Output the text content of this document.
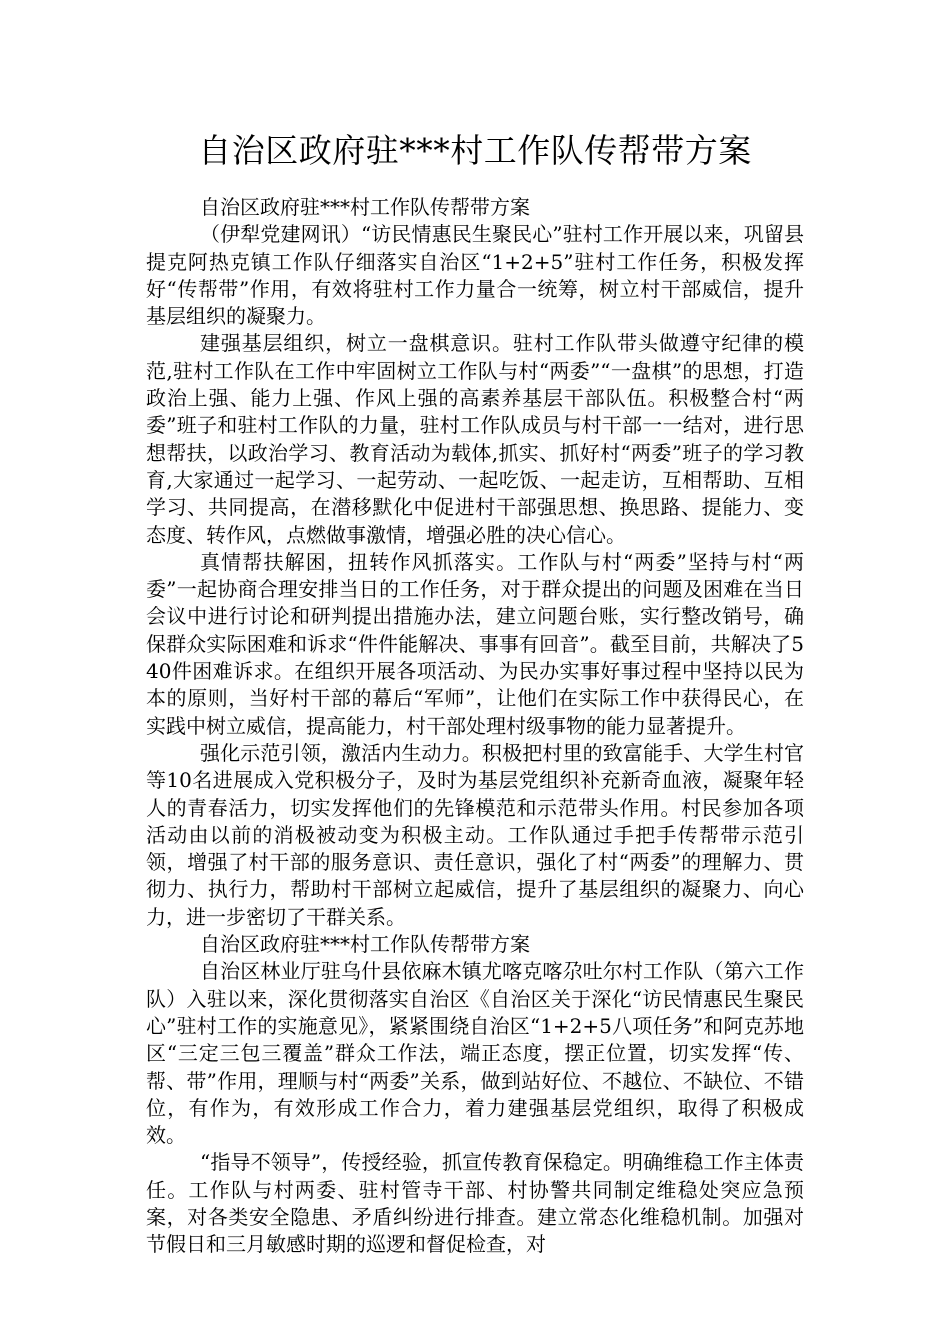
自治区政府驻***村工作队传帮带方案

自治区政府驻***村工作队传帮带方案

（伊犁党建网讯）“访民情惠民生聚民心”驻村工作开展以来，巩留县提克阿热克镇工作队仔细落实自治区“1+2+5”驻村工作任务，积极发挥好“传帮带”作用，有效将驻村工作力量合一统筹，树立村干部威信，提升基层组织的凝聚力。

建强基层组织，树立一盘棋意识。驻村工作队带头做遵守纪律的模范,驻村工作队在工作中牢固树立工作队与村“两委”“一盘棋”的思想，打造政治上强、能力上强、作风上强的高素养基层干部队伍。积极整合村“两委”班子和驻村工作队的力量，驻村工作队成员与村干部一一结对，进行思想帮扶，以政治学习、教育活动为载体,抓实、抓好村“两委”班子的学习教育,大家通过一起学习、一起劳动、一起吃饭、一起走访，互相帮助、互相学习、共同提高，在潜移默化中促进村干部强思想、换思路、提能力、变态度、转作风，点燃做事激情，增强必胜的决心信心。

真情帮扶解困，扭转作风抓落实。工作队与村“两委”坚持与村“两委”一起协商合理安排当日的工作任务，对于群众提出的问题及困难在当日会议中进行讨论和研判提出措施办法，建立问题台账，实行整改销号，确保群众实际困难和诉求“件件能解决、事事有回音”。截至目前，共解决了540件困难诉求。在组织开展各项活动、为民办实事好事过程中坚持以民为本的原则，当好村干部的幕后“军师”，让他们在实际工作中获得民心，在实践中树立威信，提高能力，村干部处理村级事物的能力显著提升。

强化示范引领，激活内生动力。积极把村里的致富能手、大学生村官等10名进展成入党积极分子，及时为基层党组织补充新奇血液，凝聚年轻人的青春活力，切实发挥他们的先锋模范和示范带头作用。村民参加各项活动由以前的消极被动变为积极主动。工作队通过手把手传帮带示范引领，增强了村干部的服务意识、责任意识，强化了村“两委”的理解力、贯彻力、执行力，帮助村干部树立起威信，提升了基层组织的凝聚力、向心力，进一步密切了干群关系。

自治区政府驻***村工作队传帮带方案

自治区林业厅驻乌什县依麻木镇尤喀克喀尕吐尔村工作队（第六工作队）入驻以来，深化贯彻落实自治区《自治区关于深化“访民情惠民生聚民心”驻村工作的实施意见》，紧紧围绕自治区“1+2+5八项任务”和阿克苏地区“三定三包三覆盖”群众工作法，端正态度，摆正位置，切实发挥“传、帮、带”作用，理顺与村“两委”关系，做到站好位、不越位、不缺位、不错位，有作为，有效形成工作合力，着力建强基层党组织，取得了积极成效。

“指导不领导”，传授经验，抓宣传教育保稳定。明确维稳工作主体责任。工作队与村两委、驻村管寺干部、村协警共同制定维稳处突应急预案，对各类安全隐患、矛盾纠纷进行排查。建立常态化维稳机制。加强对节假日和三月敏感时期的巡逻和督促检查，对
